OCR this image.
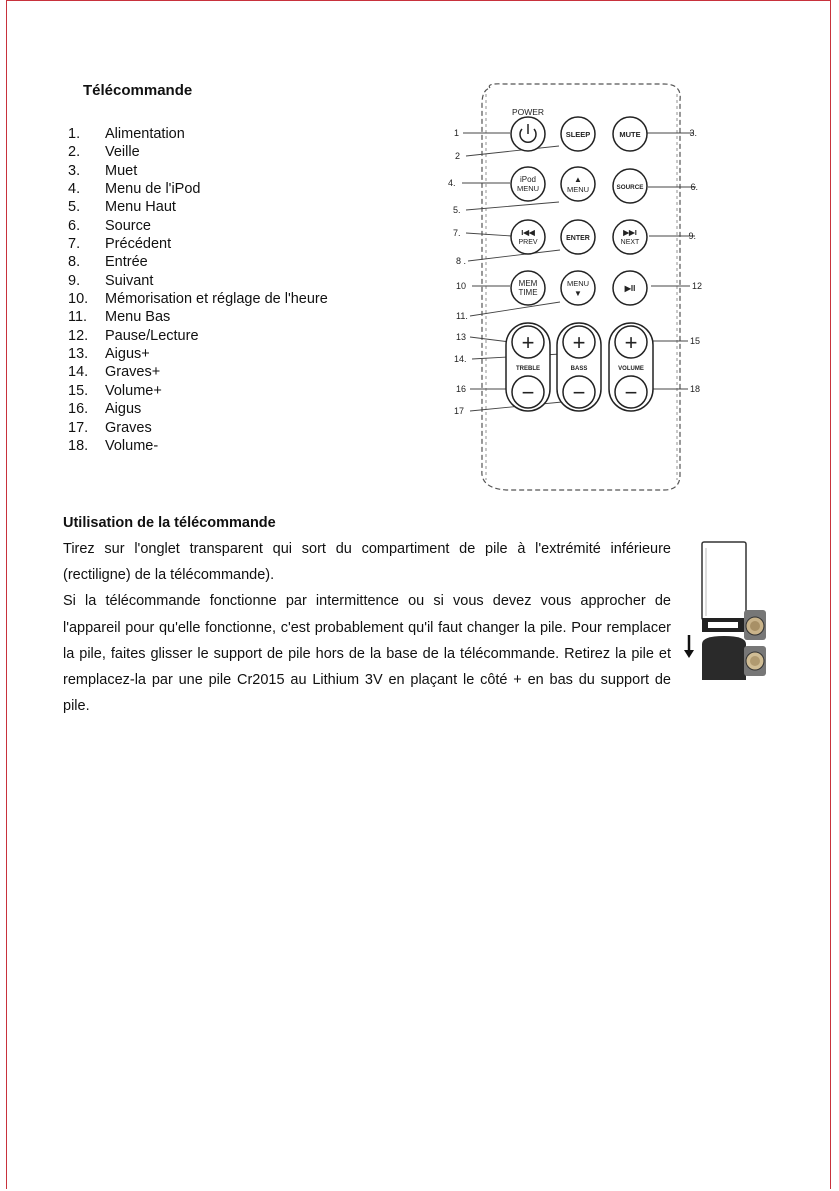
Télécommande
1. Alimentation
2. Veille
3. Muet
4. Menu de l'iPod
5. Menu Haut
6. Source
7. Précédent
8. Entrée
9. Suivant
10. Mémorisation et réglage de l'heure
11. Menu Bas
12. Pause/Lecture
13. Aigus+
14. Graves+
15. Volume+
16. Aigus
17. Graves
18. Volume-
1
2
3.
4.
5.
6.
7.
8 .
9.
10
11.
12
13
14.
15
16
17
18
POWER
SLEEP	MUTE
iPod
MENU
▲
MENU	SOURCE
I◀◀
PREV
ENTER
▶▶I
NEXT
MEM
TIME
MENU
▼
▶II
+
TREBLE
−
+
BASS
−
+
VOLUME
−
Utilisation de la télécommande

Tirez sur l'onglet transparent qui sort du compartiment de pile à l'extrémité inférieure (rectiligne) de la télécommande).

Si la télécommande fonctionne par intermittence ou si vous devez vous approcher de l'appareil pour qu'elle fonctionne, c'est probablement qu'il faut changer la pile. Pour remplacer la pile, faites glisser le support de pile hors de la base de la télécommande. Retirez la pile et remplacez-la par une pile Cr2015 au Lithium 3V en plaçant le côté + en bas du support de pile.
